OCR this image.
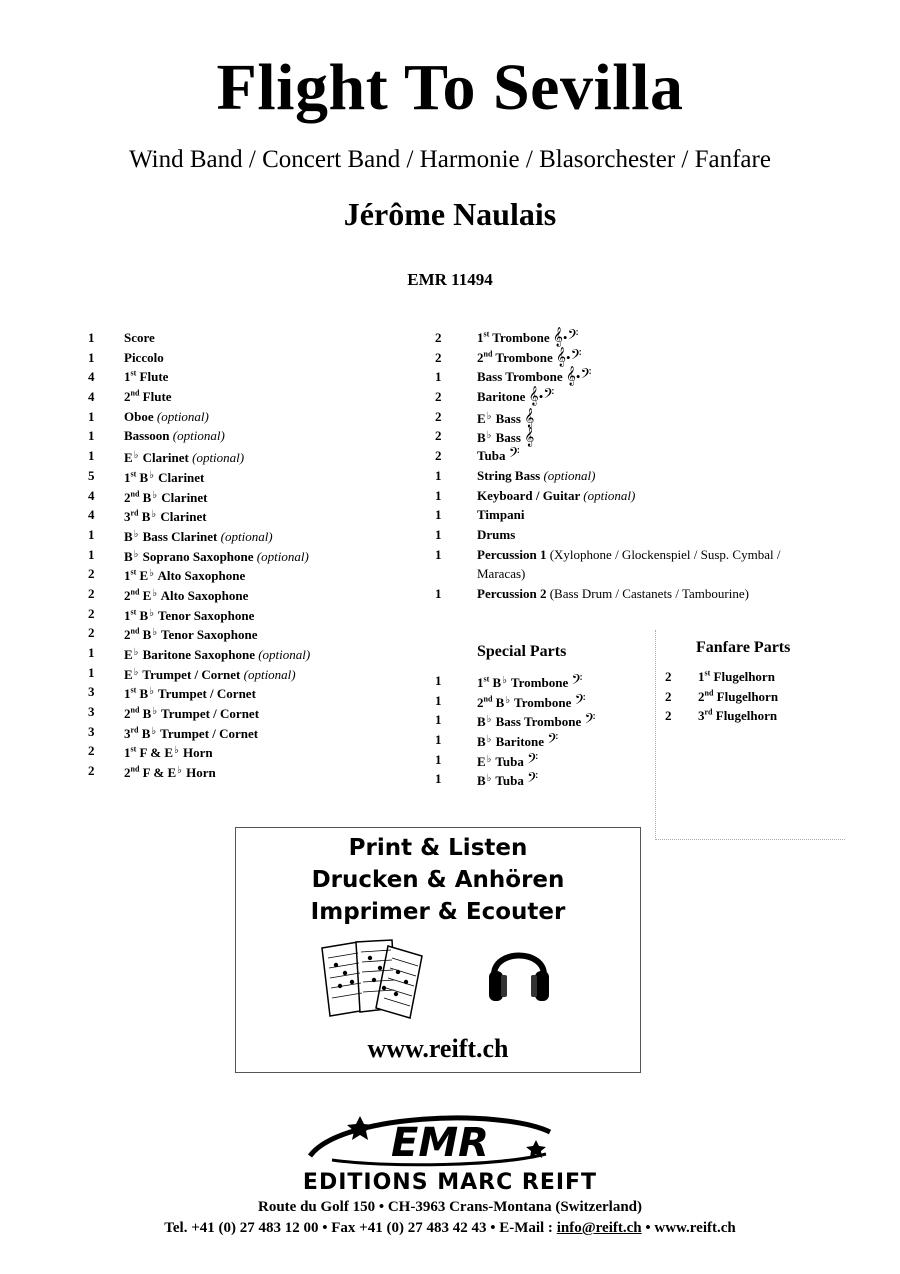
Flight To Sevilla
Wind Band / Concert Band / Harmonie / Blasorchester / Fanfare
Jérôme Naulais
EMR 11494
1 Score
1 Piccolo
4 1st Flute
4 2nd Flute
1 Oboe (optional)
1 Bassoon (optional)
1 E♭ Clarinet (optional)
5 1st B♭ Clarinet
4 2nd B♭ Clarinet
4 3rd B♭ Clarinet
1 B♭ Bass Clarinet (optional)
1 B♭ Soprano Saxophone (optional)
2 1st E♭ Alto Saxophone
2 2nd E♭ Alto Saxophone
2 1st B♭ Tenor Saxophone
2 2nd B♭ Tenor Saxophone
1 E♭ Baritone Saxophone (optional)
1 E♭ Trumpet / Cornet (optional)
3 1st B♭ Trumpet / Cornet
3 2nd B♭ Trumpet / Cornet
3 3rd B♭ Trumpet / Cornet
2 1st F & E♭ Horn
2 2nd F & E♭ Horn
2	1st Trombone 𝄞•𝄢
2	2nd Trombone 𝄞•𝄢
1	Bass Trombone 𝄞•𝄢
2	Baritone 𝄞•𝄢
2	E♭ Bass 𝄞
2	B♭ Bass 𝄞
2	Tuba 𝄢
1	String Bass (optional)
1	Keyboard / Guitar (optional)
1	Timpani
1	Drums
1	Percussion 1 (Xylophone / Glockenspiel / Susp. Cymbal / Maracas)
1	Percussion 2 (Bass Drum / Castanets / Tambourine)
Special Parts
1	1st B♭ Trombone 𝄢
1	2nd B♭ Trombone 𝄢
1	B♭ Bass Trombone 𝄢
1	B♭ Baritone 𝄢
1	E♭ Tuba 𝄢
1	B♭ Tuba 𝄢
Fanfare Parts
2 1st Flugelhorn
2 2nd Flugelhorn
2 3rd Flugelhorn
Print & Listen
Drucken & Anhören
Imprimer & Ecouter
www.reift.ch
EMR
EDITIONS MARC REIFT
Route du Golf 150 • CH-3963 Crans-Montana (Switzerland)
Tel. +41 (0) 27 483 12 00 • Fax +41 (0) 27 483 42 43 • E-Mail : info@reift.ch • www.reift.ch
